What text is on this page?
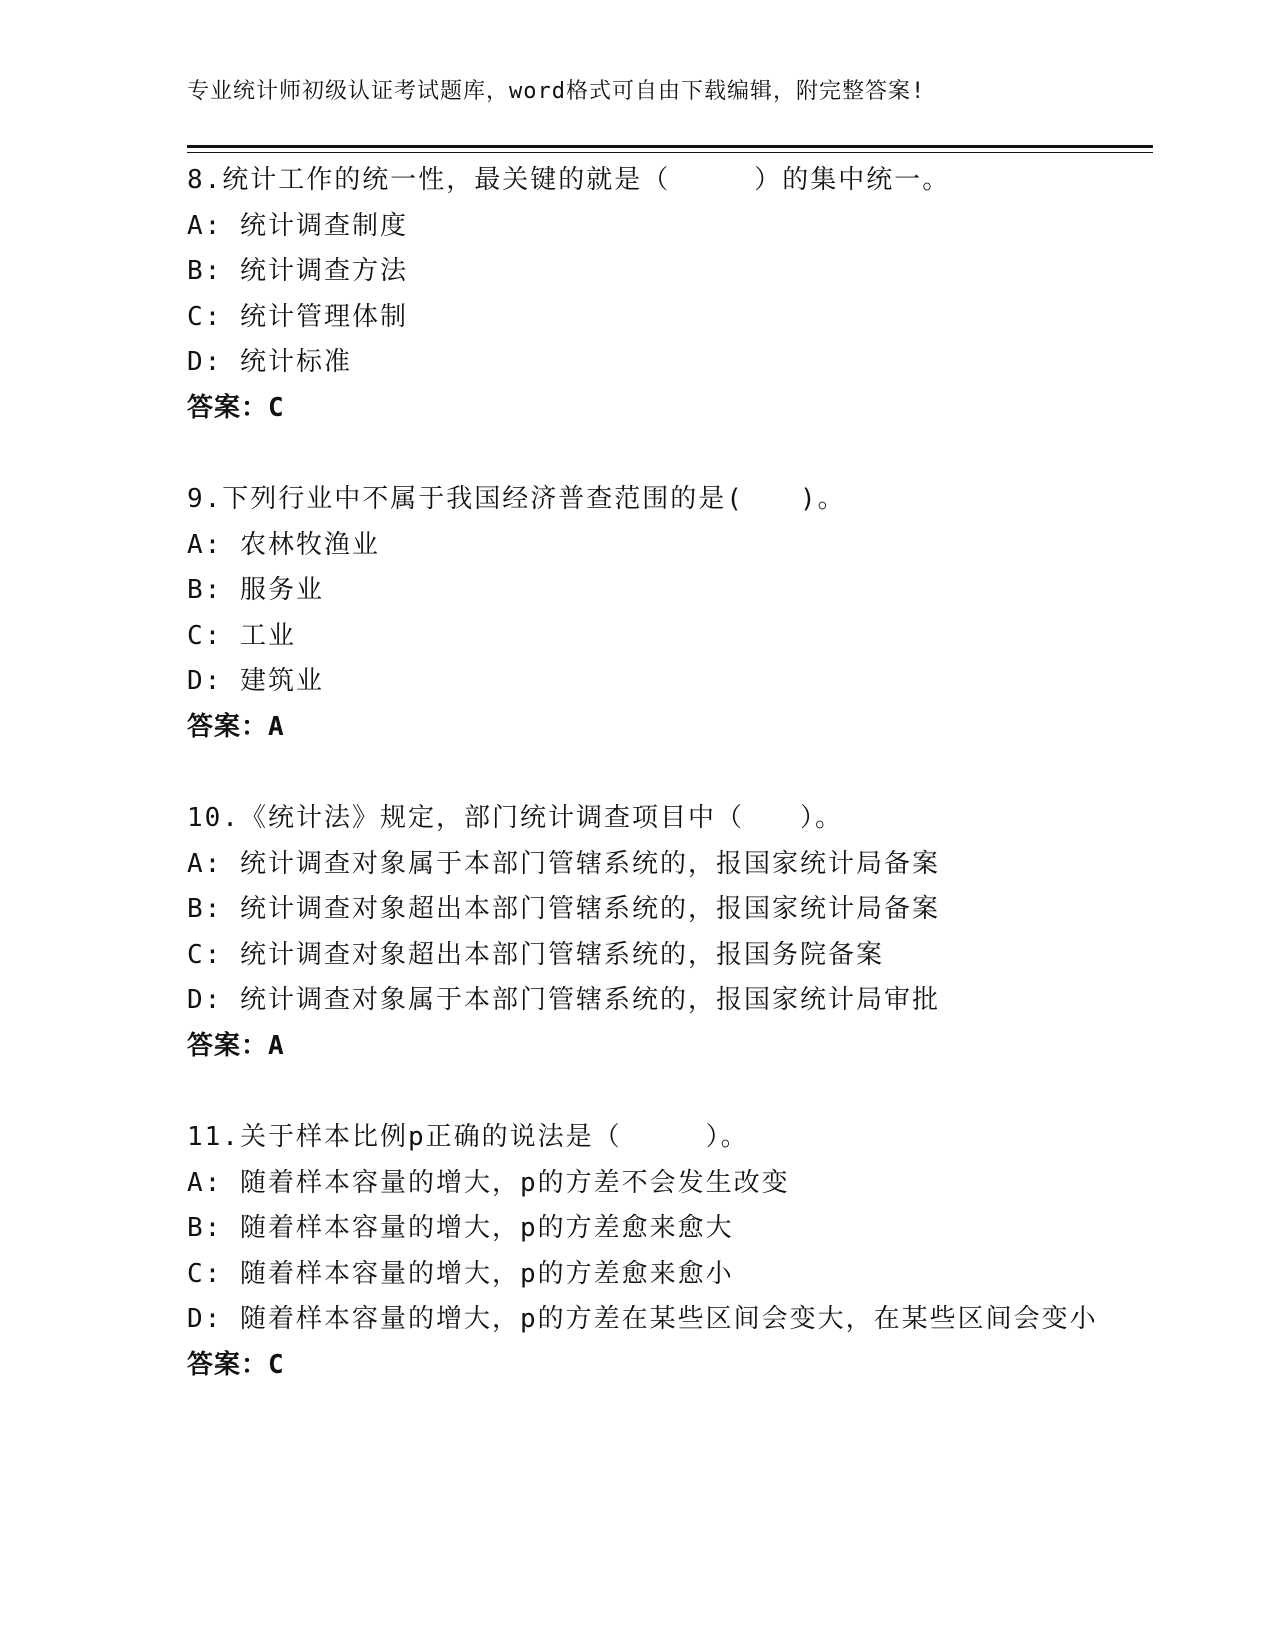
专业统计师初级认证考试题库，word格式可自由下载编辑，附完整答案!
8.统计工作的统一性，最关键的就是（　　　）的集中统一。
A: 统计调查制度
B: 统计调查方法
C: 统计管理体制
D: 统计标准
答案：C
9.下列行业中不属于我国经济普查范围的是(　　)。
A: 农林牧渔业
B: 服务业
C: 工业
D: 建筑业
答案：A
10.《统计法》规定，部门统计调查项目中（　　）。
A: 统计调查对象属于本部门管辖系统的，报国家统计局备案
B: 统计调查对象超出本部门管辖系统的，报国家统计局备案
C: 统计调查对象超出本部门管辖系统的，报国务院备案
D: 统计调查对象属于本部门管辖系统的，报国家统计局审批
答案：A
11.关于样本比例p正确的说法是（　　　）。
A: 随着样本容量的增大，p的方差不会发生改变
B: 随着样本容量的增大，p的方差愈来愈大
C: 随着样本容量的增大，p的方差愈来愈小
D: 随着样本容量的增大，p的方差在某些区间会变大，在某些区间会变小
答案：C
